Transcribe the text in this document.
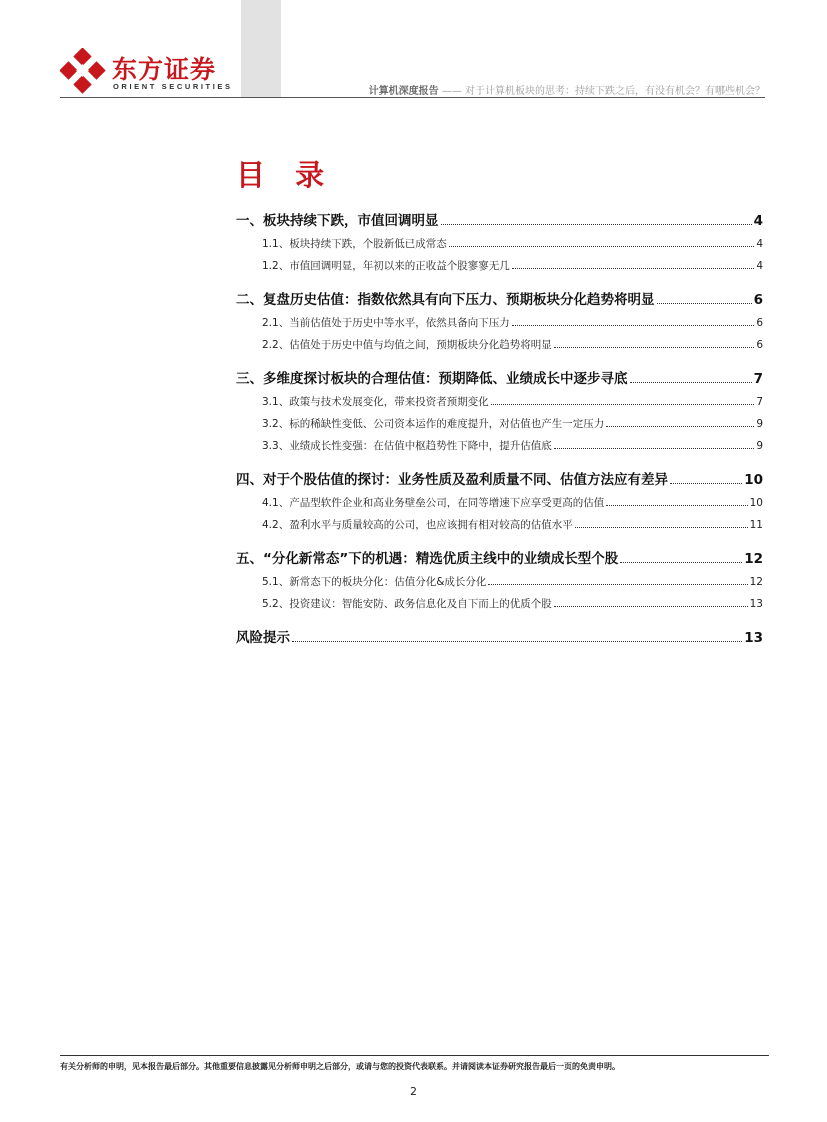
东方证券
ORIENT SECURITIES	计算机深度报告 —— 对于计算机板块的思考：持续下跌之后，有没有机会？有哪些机会？
目 录
一、板块持续下跌，市值回调明显	4
1.1、板块持续下跌，个股新低已成常态	4
1.2、市值回调明显，年初以来的正收益个股寥寥无几	4
二、复盘历史估值：指数依然具有向下压力、预期板块分化趋势将明显	6
2.1、当前估值处于历史中等水平，依然具备向下压力	6
2.2、估值处于历史中值与均值之间，预期板块分化趋势将明显	6
三、多维度探讨板块的合理估值：预期降低、业绩成长中逐步寻底	7
3.1、政策与技术发展变化，带来投资者预期变化	7
3.2、标的稀缺性变低、公司资本运作的难度提升，对估值也产生一定压力	9
3.3、业绩成长性变强：在估值中枢趋势性下降中，提升估值底	9
四、对于个股估值的探讨：业务性质及盈利质量不同、估值方法应有差异	10
4.1、产品型软件企业和高业务壁垒公司，在同等增速下应享受更高的估值	10
4.2、盈利水平与质量较高的公司，也应该拥有相对较高的估值水平	11
五、“分化新常态”下的机遇：精选优质主线中的业绩成长型个股	12
5.1、新常态下的板块分化：估值分化&成长分化	12
5.2、投资建议：智能安防、政务信息化及自下而上的优质个股	13
风险提示	13
有关分析师的申明，见本报告最后部分。其他重要信息披露见分析师申明之后部分，或请与您的投资代表联系。并请阅读本证券研究报告最后一页的免责申明。
2
